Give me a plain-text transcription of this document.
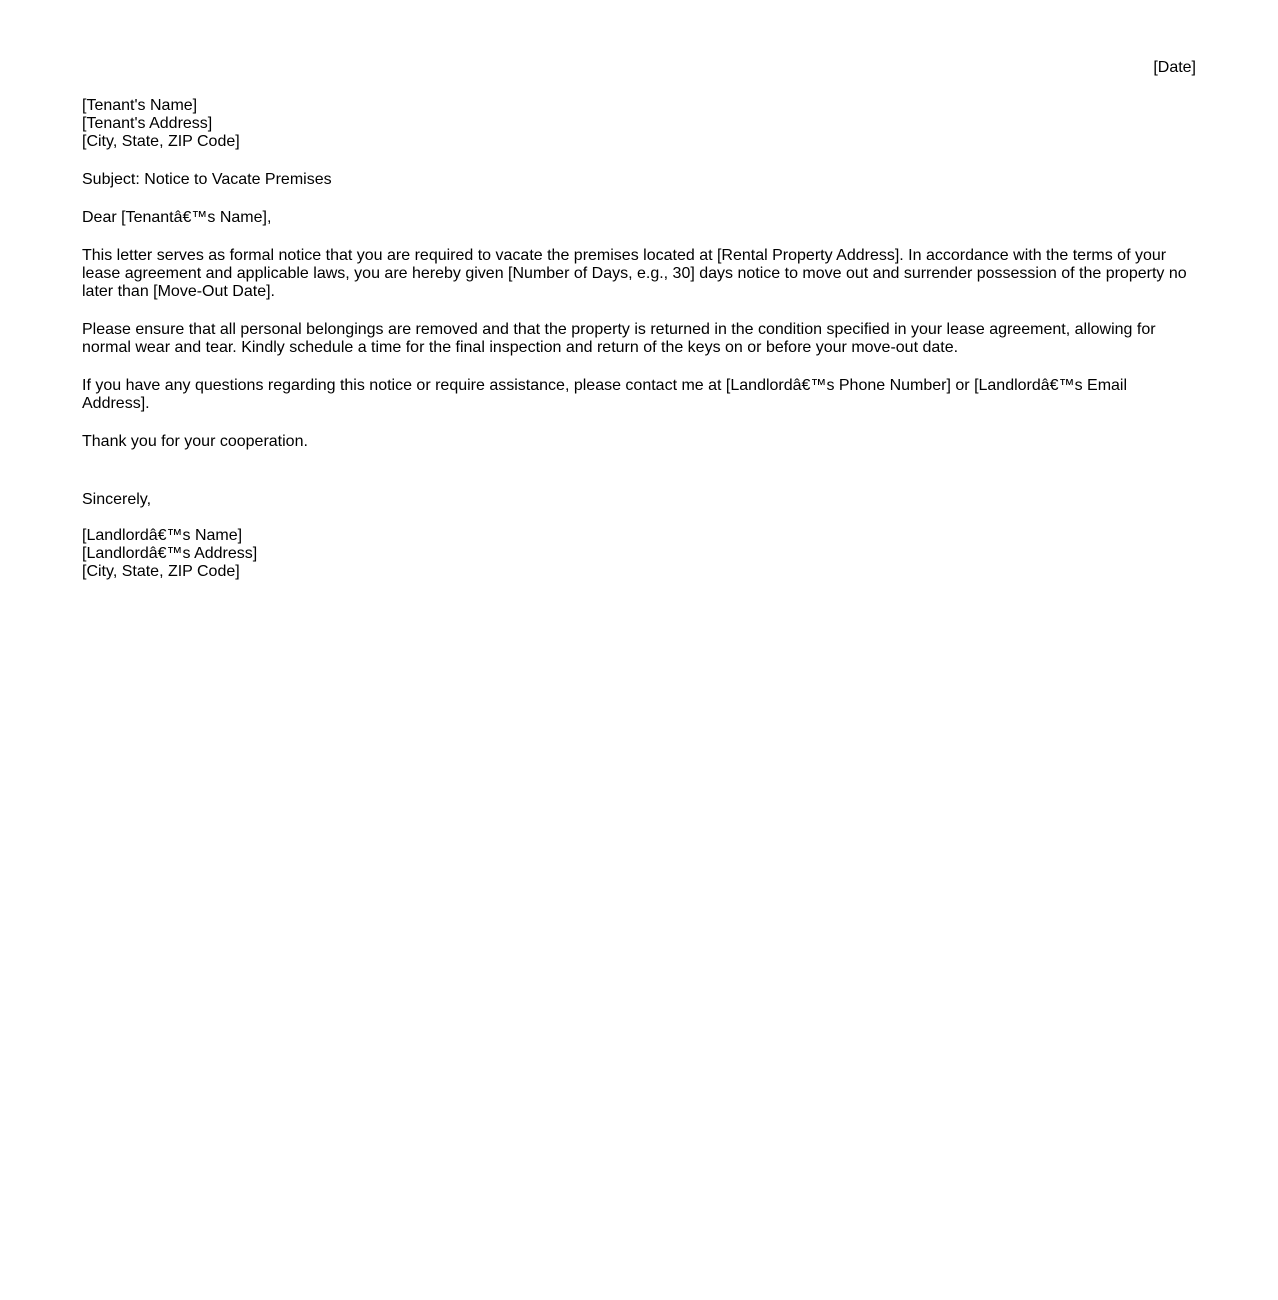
[Date]
[Tenant's Name]
[Tenant's Address]
[City, State, ZIP Code]

Subject: Notice to Vacate Premises

Dear [Tenantâ€™s Name],

This letter serves as formal notice that you are required to vacate the premises located at [Rental Property Address]. In accordance with the terms of your lease agreement and applicable laws, you are hereby given [Number of Days, e.g., 30] days notice to move out and surrender possession of the property no later than [Move-Out Date].

Please ensure that all personal belongings are removed and that the property is returned in the condition specified in your lease agreement, allowing for normal wear and tear. Kindly schedule a time for the final inspection and return of the keys on or before your move-out date.

If you have any questions regarding this notice or require assistance, please contact me at [Landlordâ€™s Phone Number] or [Landlordâ€™s Email Address].

Thank you for your cooperation.

Sincerely,

[Landlordâ€™s Name]
[Landlordâ€™s Address]
[City, State, ZIP Code]
